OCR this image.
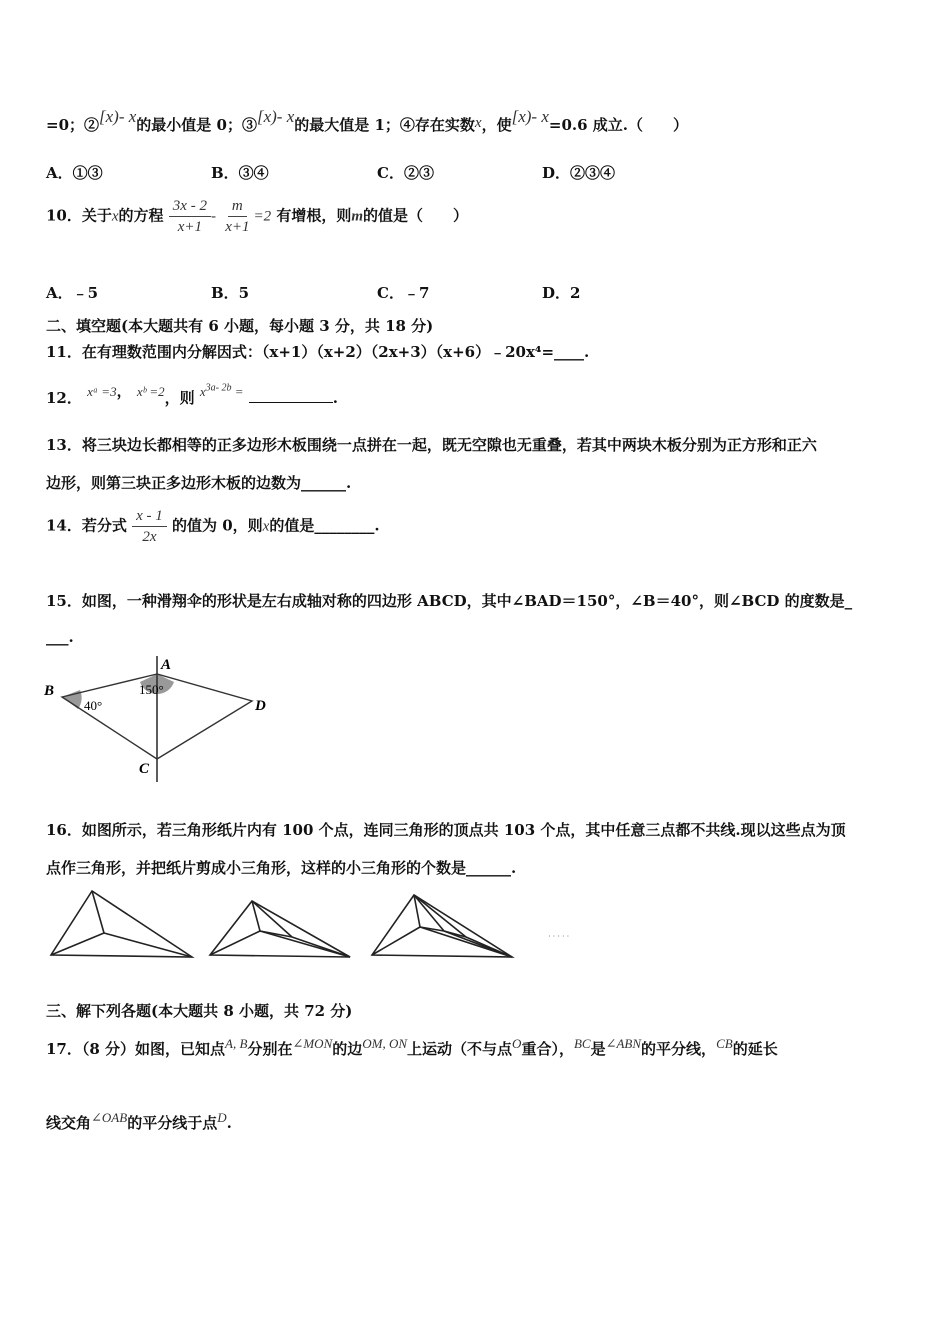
=0；②[x)- x的最小值是 0；③[x)- x的最大值是 1；④存在实数x，使[x)- x=0.6 成立.（　　）
A．①③	B．③④	C．②③	D．②③④
10．关于x的方程 $\frac{3x - 2}{x+1} - \frac{m}{x+1} =2$ 有增根，则m的值是（　　）
A．﹣5	B．5	C．﹣7	D．2
二、填空题(本大题共有 6 小题，每小题 3 分，共 18 分)
11．在有理数范围内分解因式：（x+1）（x+2）（2x+3）（x+6）﹣20x⁴=____.
12． xᵃ =3， xᵇ =2，则 $x^{3a- 2b}$ =	.
13．将三块边长都相等的正多边形木板围绕一点拼在一起，既无空隙也无重叠，若其中两块木板分别为正方形和正六
边形，则第三块正多边形木板的边数为______.
14．若分式 $\frac{x - 1}{2x}$ 的值为 0，则x的值是________.
15．如图，一种滑翔伞的形状是左右成轴对称的四边形 ABCD，其中∠BAD＝150°，∠B＝40°，则∠BCD 的度数是_
___.
A
B
C
D
150°
40°
16．如图所示，若三角形纸片内有 100 个点，连同三角形的顶点共 103 个点，其中任意三点都不共线.现以这些点为顶
点作三角形，并把纸片剪成小三角形，这样的小三角形的个数是______.
· · · · ·
三、解下列各题(本大题共 8 小题，共 72 分)
17．（8 分）如图，已知点A, B分别在∠MON的边OM, ON上运动（不与点O重合），BC是∠ABN的平分线，CB的延长
线交角∠OAB的平分线于点D.
